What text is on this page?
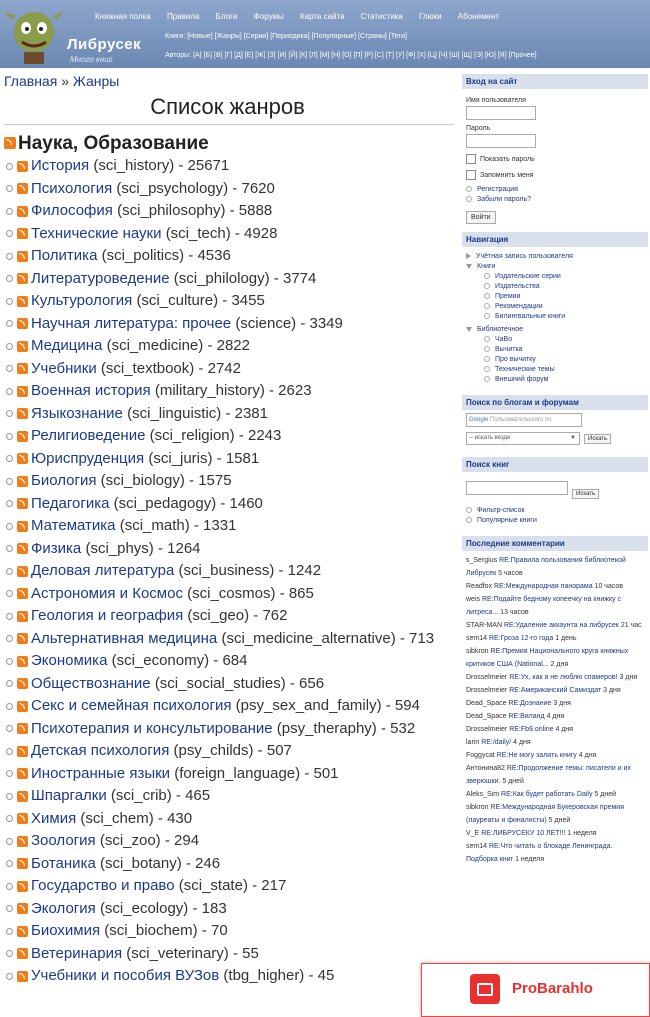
Либрусек
Много книг
Книжная полка Правила Блоги Форумы Карта сайта Статистика Глюки Абонемент
Книги: [Новые] [Жанры] [Серии] [Периодика] [Популярные] [Страны] [Теги]
Авторы: [А] [Б] [В] [Г] [Д] [Е] [Ж] [З] [И] [Й] [К] [Л] [М] [Н] [О] [П] [Р] [С] [Т] [У] [Ф] [Х] [Ц] [Ч] [Ш] [Щ] [Э] [Ю] [Я] [Прочее]
Главная » Жанры
Список жанров
Наука, Образование
История (sci_history) - 25671
Психология (sci_psychology) - 7620
Философия (sci_philosophy) - 5888
Технические науки (sci_tech) - 4928
Политика (sci_politics) - 4536
Литературоведение (sci_philology) - 3774
Культурология (sci_culture) - 3455
Научная литература: прочее (science) - 3349
Медицина (sci_medicine) - 2822
Учебники (sci_textbook) - 2742
Военная история (military_history) - 2623
Языкознание (sci_linguistic) - 2381
Религиоведение (sci_religion) - 2243
Юриспруденция (sci_juris) - 1581
Биология (sci_biology) - 1575
Педагогика (sci_pedagogy) - 1460
Математика (sci_math) - 1331
Физика (sci_phys) - 1264
Деловая литература (sci_business) - 1242
Астрономия и Космос (sci_cosmos) - 865
Геология и география (sci_geo) - 762
Альтернативная медицина (sci_medicine_alternative) - 713
Экономика (sci_economy) - 684
Обществознание (sci_social_studies) - 656
Секс и семейная психология (psy_sex_and_family) - 594
Психотерапия и консультирование (psy_theraphy) - 532
Детская психология (psy_childs) - 507
Иностранные языки (foreign_language) - 501
Шпаргалки (sci_crib) - 465
Химия (sci_chem) - 430
Зоология (sci_zoo) - 294
Ботаника (sci_botany) - 246
Государство и право (sci_state) - 217
Экология (sci_ecology) - 183
Биохимия (sci_biochem) - 70
Ветеринария (sci_veterinary) - 55
Учебники и пособия ВУЗов (tbg_higher) - 45
Вход на сайт
Имя пользователя
Пароль
Показать пароль
Запомнить меня
Регистрация
Забыли пароль?
Войти
Навигация
Учётная запись пользователя
Книги
Издательские серии
Издательства
Премии
Рекомендации
Билингвальные книги
Библиотечное
ЧаВо
Вычитка
Про вычитку
Технические темы
Внешний форум
Поиск по блогам и форумам
Google Пользовательского по
-- искать везде	▼	Искать
Поиск книг
Искать
Фильтр-список
Популярные книги
Последние комментарии
s_Sergius RE:Правила пользования библиотекой Либрусек 5 часов
Readfox RE:Международная панорама 10 часов
weis RE:Подайте бедному копеечку на книжку с литреса... 13 часов
STAR-MAN RE:Удаление аккаунта на либрусек 21 час
sem14 RE:Гроза 12-го года 1 день
sibkron RE:Премия Национального круга книжных критиков США (National... 2 дня
Drosselmeier RE:Ух, как я не люблю спамеров! 3 дня
Drosselmeier RE:Американский Самиздат 3 дня
Dead_Space RE:Дознание 3 дня
Dead_Space RE:Виланд 4 дня
Drosselmeier RE:Fb9.online 4 дня
larin RE:/daily/ 4 дня
Foggycat RE:Не могу залить книгу 4 дня
Антонина82 RE:Продолжение темы: писатели и их зверюшки. 5 дней
Aleks_Sim RE:Как будет работать Daily 5 дней
sibkron RE:Международная Букеровская премия (лауреаты и финалисты) 5 дней
V_E RE:ЛИБРУСЕКУ 10 ЛЕТ!!! 1 неделя
sem14 RE:Что читать о блокаде Ленинграда. Подборка книг 1 неделя
ProBarahlo
